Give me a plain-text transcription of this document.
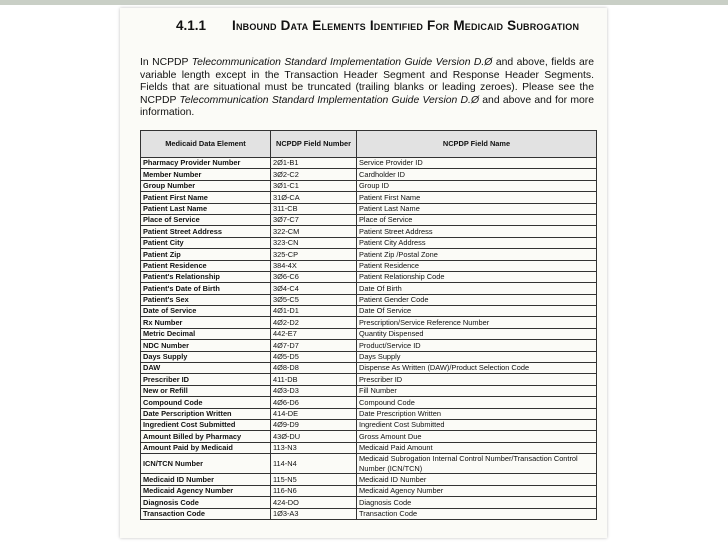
4.1.1 Inbound Data Elements Identified For Medicaid Subrogation

In NCPDP Telecommunication Standard Implementation Guide Version D.Ø and above, fields are variable length except in the Transaction Header Segment and Response Header Segments. Fields that are situational must be truncated (trailing blanks or leading zeroes). Please see the NCPDP Telecommunication Standard Implementation Guide Version D.Ø and above and for more information.

Medicaid Data Element	NCPDP Field Number	NCPDP Field Name
Pharmacy Provider Number	2Ø1-B1	Service Provider ID
Member Number	3Ø2-C2	Cardholder ID
Group Number	3Ø1-C1	Group ID
Patient First Name	31Ø-CA	Patient First Name
Patient Last Name	311-CB	Patient Last Name
Place of Service	3Ø7-C7	Place of Service
Patient Street Address	322-CM	Patient Street Address
Patient City	323-CN	Patient City Address
Patient Zip	325-CP	Patient Zip /Postal Zone
Patient Residence	384-4X	Patient Residence
Patient's Relationship	3Ø6-C6	Patient Relationship Code
Patient's Date of Birth	3Ø4-C4	Date Of Birth
Patient's Sex	3Ø5-C5	Patient Gender Code
Date of Service	4Ø1-D1	Date Of Service
Rx Number	4Ø2-D2	Prescription/Service Reference Number
Metric Decimal	442-E7	Quantity Dispensed
NDC Number	4Ø7-D7	Product/Service ID
Days Supply	4Ø5-D5	Days Supply
DAW	4Ø8-D8	Dispense As Written (DAW)/Product Selection Code
Prescriber ID	411-DB	Prescriber ID
New or Refill	4Ø3-D3	Fill Number
Compound Code	4Ø6-D6	Compound Code
Date Perscription Written	414-DE	Date Prescription Written
Ingredient Cost Submitted	4Ø9-D9	Ingredient Cost Submitted
Amount Billed by Pharmacy	43Ø-DU	Gross Amount Due
Amount Paid by Medicaid	113-N3	Medicaid Paid Amount
ICN/TCN Number	114-N4	Medicaid Subrogation Internal Control Number/Transaction Control Number (ICN/TCN)
Medicaid ID Number	115-N5	Medicaid ID Number
Medicaid Agency Number	116-N6	Medicaid Agency Number
Diagnosis Code	424-DO	Diagnosis Code
Transaction Code	1Ø3-A3	Transaction Code
